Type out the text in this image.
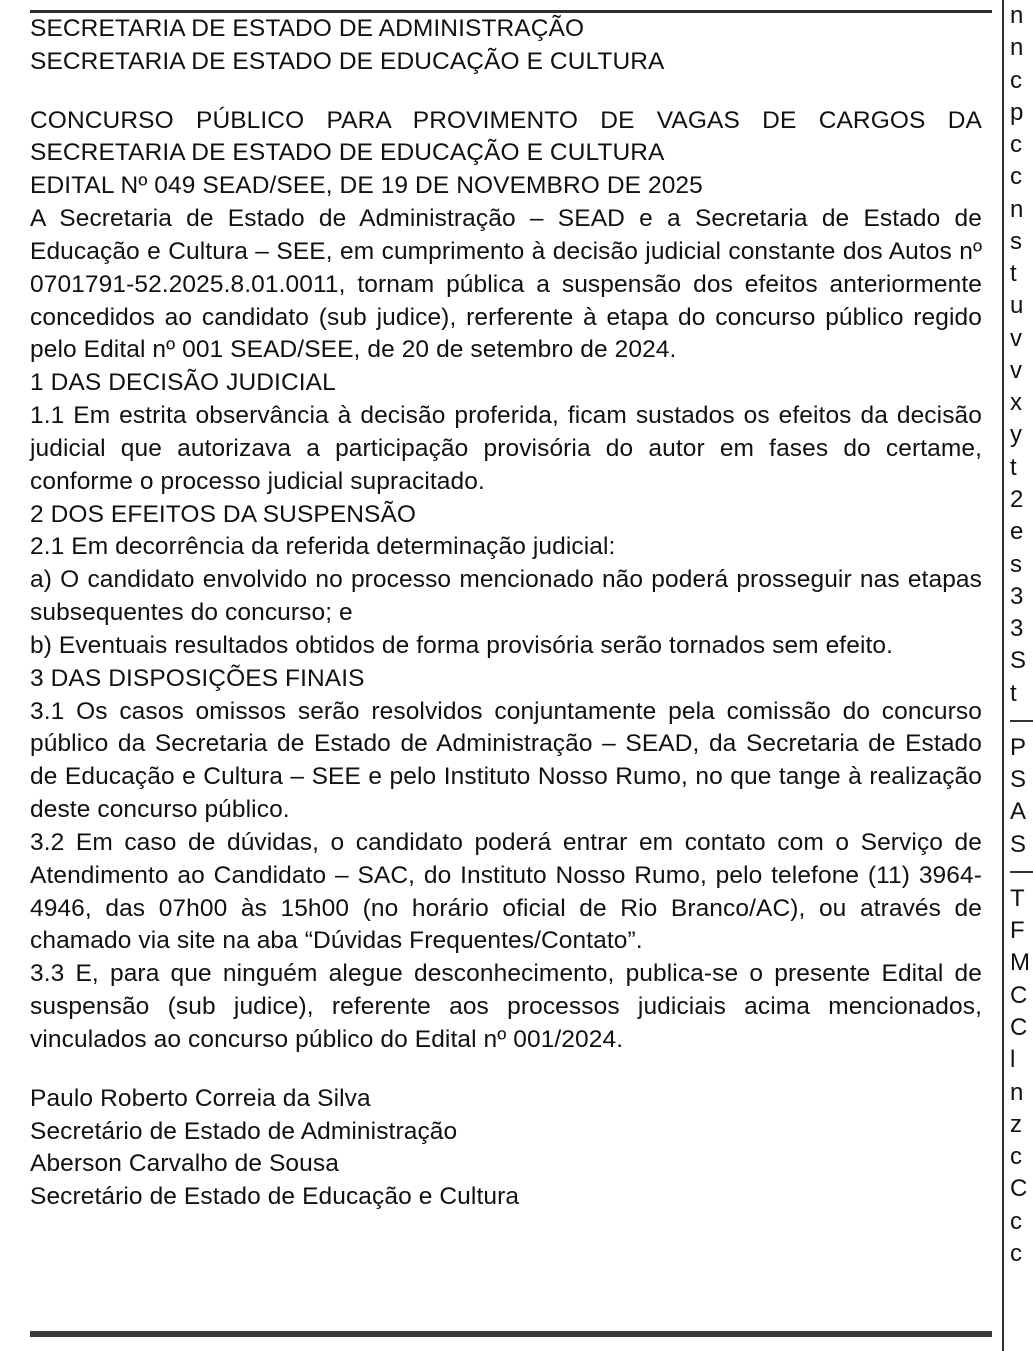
SECRETARIA DE ESTADO DE ADMINISTRAÇÃO

SECRETARIA DE ESTADO DE EDUCAÇÃO E CULTURA

CONCURSO PÚBLICO PARA PROVIMENTO DE VAGAS DE CARGOS DA SECRETARIA DE ESTADO DE EDUCAÇÃO E CULTURA

EDITAL Nº 049 SEAD/SEE, DE 19 DE NOVEMBRO DE 2025

A Secretaria de Estado de Administração – SEAD e a Secretaria de Estado de Educação e Cultura – SEE, em cumprimento à decisão judicial constante dos Autos nº 0701791-52.2025.8.01.0011, tornam pública a suspensão dos efeitos anteriormente concedidos ao candidato (sub judice), rerferente à etapa do concurso público regido pelo Edital nº 001 SEAD/SEE, de 20 de setembro de 2024.

1 DAS DECISÃO JUDICIAL

1.1 Em estrita observância à decisão proferida, ficam sustados os efeitos da decisão judicial que autorizava a participação provisória do autor em fases do certame, conforme o processo judicial supracitado.

2 DOS EFEITOS DA SUSPENSÃO

2.1 Em decorrência da referida determinação judicial:

a) O candidato envolvido no processo mencionado não poderá prosseguir nas etapas subsequentes do concurso; e

b) Eventuais resultados obtidos de forma provisória serão tornados sem efeito.

3 DAS DISPOSIÇÕES FINAIS

3.1 Os casos omissos serão resolvidos conjuntamente pela comissão do concurso público da Secretaria de Estado de Administração – SEAD, da Secretaria de Estado de Educação e Cultura – SEE e pelo Instituto Nosso Rumo, no que tange à realização deste concurso público.

3.2 Em caso de dúvidas, o candidato poderá entrar em contato com o Serviço de Atendimento ao Candidato – SAC, do Instituto Nosso Rumo, pelo telefone (11) 3964-4946, das 07h00 às 15h00 (no horário oficial de Rio Branco/AC), ou através de chamado via site na aba “Dúvidas Frequentes/Contato”.

3.3 E, para que ninguém alegue desconhecimento, publica-se o presente Edital de suspensão (sub judice), referente aos processos judiciais acima mencionados, vinculados ao concurso público do Edital nº 001/2024.

Paulo Roberto Correia da Silva

Secretário de Estado de Administração

Aberson Carvalho de Sousa

Secretário de Estado de Educação e Cultura

n
n
c
p
c
c
n
s
t
u
v
v
x
y
t
2
e
s
3
3
S
t
P
S
A
S
T
F
M
C
C
l
n
z
c
C
c
c
